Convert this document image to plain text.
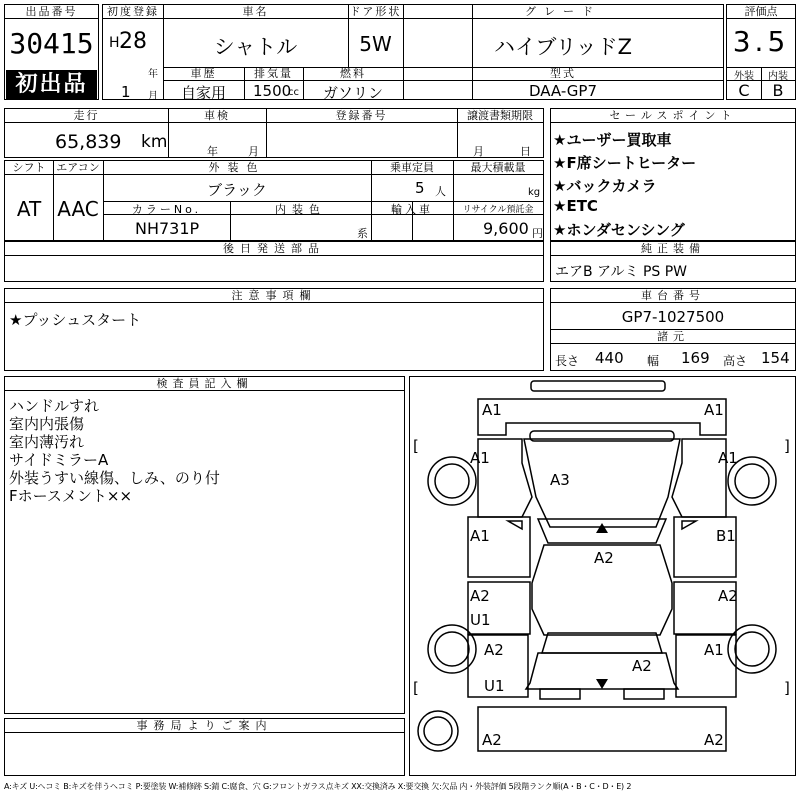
出品番号
30415
初出品
初度登録
H 28
年
1 月
車名
シャトル
ドア形状
5W
グレード
ハイブリッドZ
車歴
自家用
排気量
1500
cc
燃料
ガソリン
型式
DAA-GP7
評価点
3.5
外装	内装
C	B
走行
65,839 km
車検
年	月
登録番号	譲渡書類期限
月	日
シフト
AT
エアコン
AAC
外装色
ブラック
乗車定員
5 人
最大積載量
kg
カラーNo.
NH731P
内装色
系
輸入車	リサイクル預託金
9,600 円
後日発送部品
セールスポイント
★ユーザー買取車
★F席シートヒーター
★バックカメラ
★ETC
★ホンダセンシング
純正装備
エアB アルミ PS PW
注意事項欄
★プッシュスタート
車台番号
GP7-1027500
諸元
長さ 440 幅 169 高さ 154
検査員記入欄
ハンドルすれ
室内内張傷
室内薄汚れ
サイドミラーA
外装うすい線傷、しみ、のり付
Fホースメント××
事務局よりご案内
A1	A1
[	]
A1	A1
A3
A1	B1
A2
A2
U1
A2
A2	A1
A2
U1
[	]
A2	A2
A:キズ U:ヘコミ B:キズを伴うヘコミ P:要塗装 W:補修跡 S:錆 C:腐食、穴 G:フロントガラス点キズ XX:交換済み X:要交換 欠:欠品 内・外装評価 5段階ランク順(A・B・C・D・E) 2
